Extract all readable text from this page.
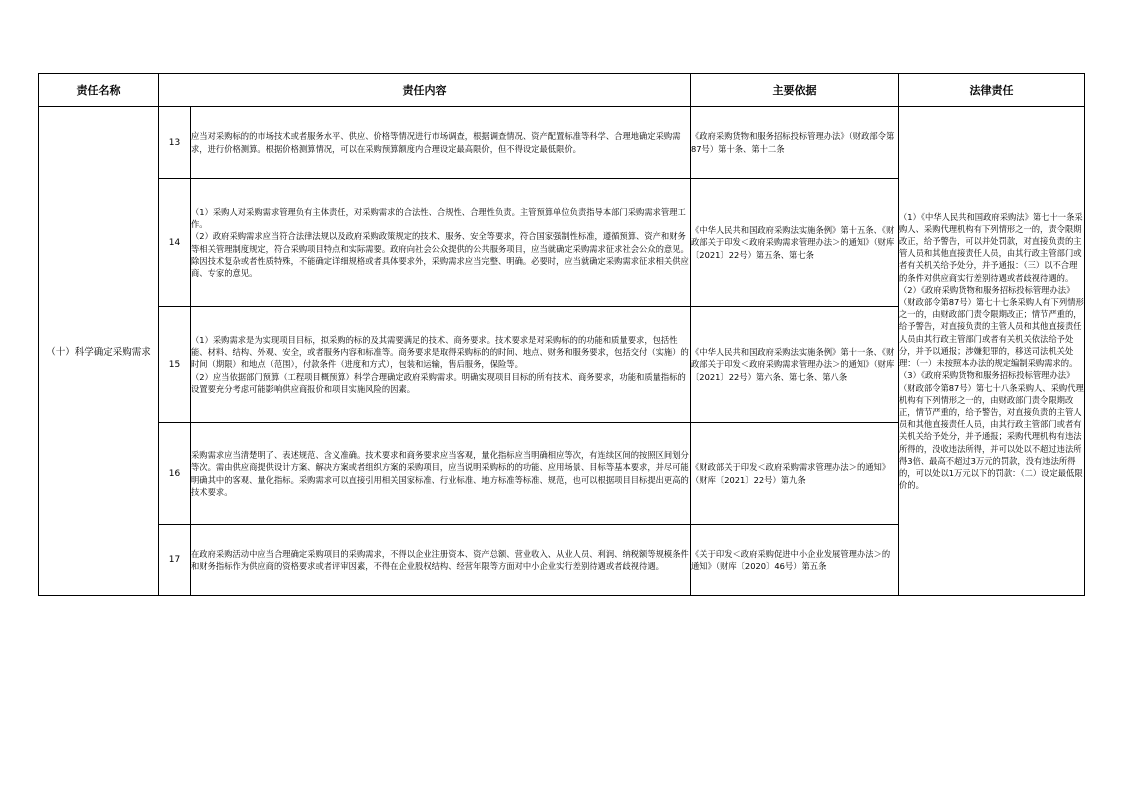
责任名称	责任内容		主要依据	法律责任
（十）科学确定采购需求	13	应当对采购标的的市场技术或者服务水平、供应、价格等情况进行市场调查，根据调查情况、资产配置标准等科学、合理地确定采购需求，进行价格测算。根据价格测算情况，可以在采购预算额度内合理设定最高限价，但不得设定最低限价。	《政府采购货物和服务招标投标管理办法》（财政部令第87号）第十条、第十二条	（1）《中华人民共和国政府采购法》第七十一条采购人、采购代理机构有下列情形之一的，责令限期改正，给予警告，可以并处罚款，对直接负责的主管人员和其他直接责任人员，由其行政主管部门或者有关机关给予处分，并予通报：（三）以不合理的条件对供应商实行差别待遇或者歧视待遇的。
（2）《政府采购货物和服务招标投标管理办法》（财政部令第87号）第七十七条采购人有下列情形之一的，由财政部门责令限期改正；情节严重的，给予警告，对直接负责的主管人员和其他直接责任人员由其行政主管部门或者有关机关依法给予处分，并予以通报；涉嫌犯罪的，移送司法机关处理：（一）未按照本办法的规定编制采购需求的。
（3）《政府采购货物和服务招标投标管理办法》（财政部令第87号）第七十八条采购人、采购代理机构有下列情形之一的，由财政部门责令限期改正，情节严重的，给予警告，对直接负责的主管人员和其他直接责任人员，由其行政主管部门或者有关机关给予处分，并予通报；采购代理机构有违法所得的，没收违法所得，并可以处以不超过违法所得3倍、最高不超过3万元的罚款，没有违法所得的，可以处以1万元以下的罚款：（二）设定最低限价的。
	14	（1）采购人对采购需求管理负有主体责任，对采购需求的合法性、合规性、合理性负责。主管预算单位负责指导本部门采购需求管理工作。
（2）政府采购需求应当符合法律法规以及政府采购政策规定的技术、服务、安全等要求，符合国家强制性标准，遵循预算、资产和财务等相关管理制度规定，符合采购项目特点和实际需要。政府向社会公众提供的公共服务项目，应当就确定采购需求征求社会公众的意见。除因技术复杂或者性质特殊，不能确定详细规格或者具体要求外，采购需求应当完整、明确。必要时，应当就确定采购需求征求相关供应商、专家的意见。	《中华人民共和国政府采购法实施条例》第十五条、《财政部关于印发＜政府采购需求管理办法＞的通知》（财库〔2021〕22号）第五条、第七条	
	15	（1）采购需求是为实现项目目标，拟采购的标的及其需要满足的技术、商务要求。技术要求是对采购标的的功能和质量要求，包括性能、材料、结构、外观、安全，或者服务内容和标准等。商务要求是取得采购标的的时间、地点、财务和服务要求，包括交付（实施）的时间（期限）和地点（范围），付款条件（进度和方式），包装和运输，售后服务，保险等。
（2）应当依据部门预算（工程项目概预算）科学合理确定政府采购需求。明确实现项目目标的所有技术、商务要求，功能和质量指标的设置要充分考虑可能影响供应商报价和项目实施风险的因素。	《中华人民共和国政府采购法实施条例》第十一条、《财政部关于印发＜政府采购需求管理办法＞的通知》（财库〔2021〕22号）第六条、第七条、第八条	
	16	采购需求应当清楚明了、表述规范、含义准确。技术要求和商务要求应当客观，量化指标应当明确相应等次，有连续区间的按照区间划分等次。需由供应商提供设计方案、解决方案或者组织方案的采购项目，应当说明采购标的的功能、应用场景、目标等基本要求，并尽可能明确其中的客观、量化指标。采购需求可以直接引用相关国家标准、行业标准、地方标准等标准、规范，也可以根据项目目标提出更高的技术要求。	《财政部关于印发＜政府采购需求管理办法＞的通知》（财库〔2021〕22号）第九条	
	17	在政府采购活动中应当合理确定采购项目的采购需求，不得以企业注册资本、资产总额、营业收入、从业人员、利润、纳税额等规模条件和财务指标作为供应商的资格要求或者评审因素，不得在企业股权结构、经营年限等方面对中小企业实行差别待遇或者歧视待遇。	《关于印发＜政府采购促进中小企业发展管理办法＞的通知》（财库〔2020〕46号）第五条	
